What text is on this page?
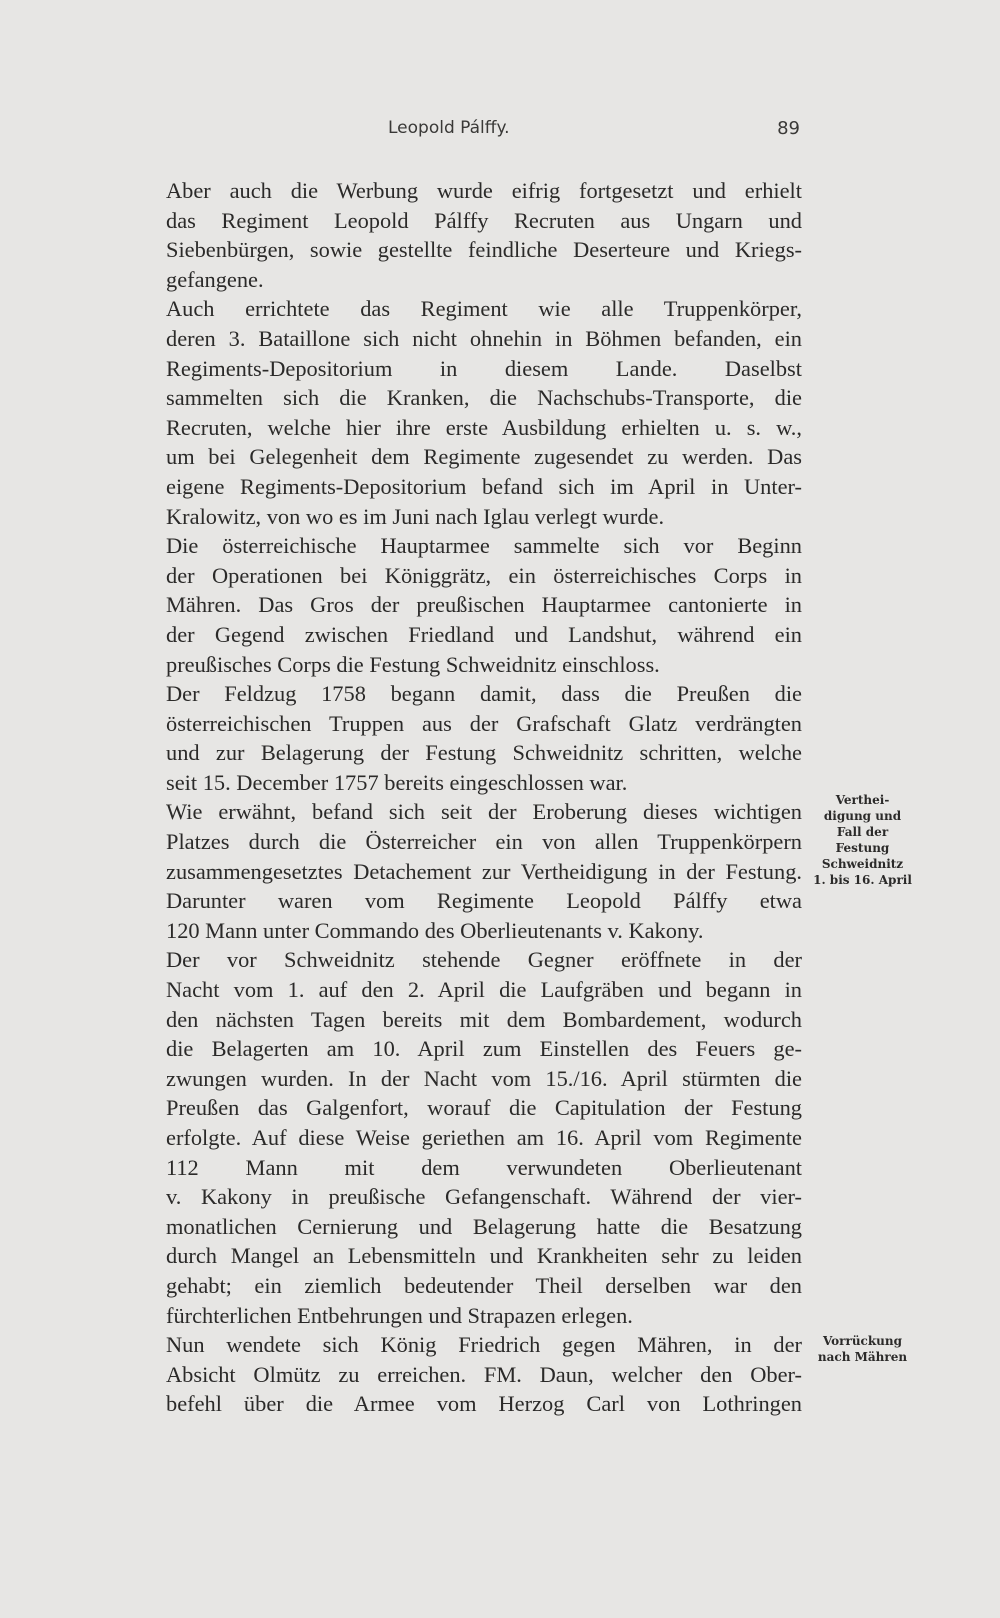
Leopold Pálffy.	89

Aber auch die Werbung wurde eifrig fortgesetzt und erhielt
das Regiment Leopold Pálffy Recruten aus Ungarn und
Siebenbürgen, sowie gestellte feindliche Deserteure und Kriegs-
gefangene.

Auch errichtete das Regiment wie alle Truppenkörper,
deren 3. Bataillone sich nicht ohnehin in Böhmen befanden, ein
Regiments-Depositorium in diesem Lande. Daselbst
sammelten sich die Kranken, die Nachschubs-Transporte, die
Recruten, welche hier ihre erste Ausbildung erhielten u. s. w.,
um bei Gelegenheit dem Regimente zugesendet zu werden. Das
eigene Regiments-Depositorium befand sich im April in Unter-
Kralowitz, von wo es im Juni nach Iglau verlegt wurde.

Die österreichische Hauptarmee sammelte sich vor Beginn
der Operationen bei Königgrätz, ein österreichisches Corps in
Mähren. Das Gros der preußischen Hauptarmee cantonierte in
der Gegend zwischen Friedland und Landshut, während ein
preußisches Corps die Festung Schweidnitz einschloss.

Der Feldzug 1758 begann damit, dass die Preußen die
österreichischen Truppen aus der Grafschaft Glatz verdrängten
und zur Belagerung der Festung Schweidnitz schritten, welche
seit 15. December 1757 bereits eingeschlossen war.

Wie erwähnt, befand sich seit der Eroberung dieses wichtigen
Platzes durch die Österreicher ein von allen Truppenkörpern
zusammengesetztes Detachement zur Vertheidigung in der Festung.
Darunter waren vom Regimente Leopold Pálffy etwa
120 Mann unter Commando des Oberlieutenants v. Kakony.

Der vor Schweidnitz stehende Gegner eröffnete in der
Nacht vom 1. auf den 2. April die Laufgräben und begann in
den nächsten Tagen bereits mit dem Bombardement, wodurch
die Belagerten am 10. April zum Einstellen des Feuers ge-
zwungen wurden. In der Nacht vom 15./16. April stürmten die
Preußen das Galgenfort, worauf die Capitulation der Festung
erfolgte. Auf diese Weise geriethen am 16. April vom Regimente
112 Mann mit dem verwundeten Oberlieutenant
v. Kakony in preußische Gefangenschaft. Während der vier-
monatlichen Cernierung und Belagerung hatte die Besatzung
durch Mangel an Lebensmitteln und Krankheiten sehr zu leiden
gehabt; ein ziemlich bedeutender Theil derselben war den
fürchterlichen Entbehrungen und Strapazen erlegen.

Nun wendete sich König Friedrich gegen Mähren, in der
Absicht Olmütz zu erreichen. FM. Daun, welcher den Ober-
befehl über die Armee vom Herzog Carl von Lothringen

Verthei-
digung und
Fall der
Festung
Schweidnitz
1. bis 16. April
Vorrückung
nach Mähren
